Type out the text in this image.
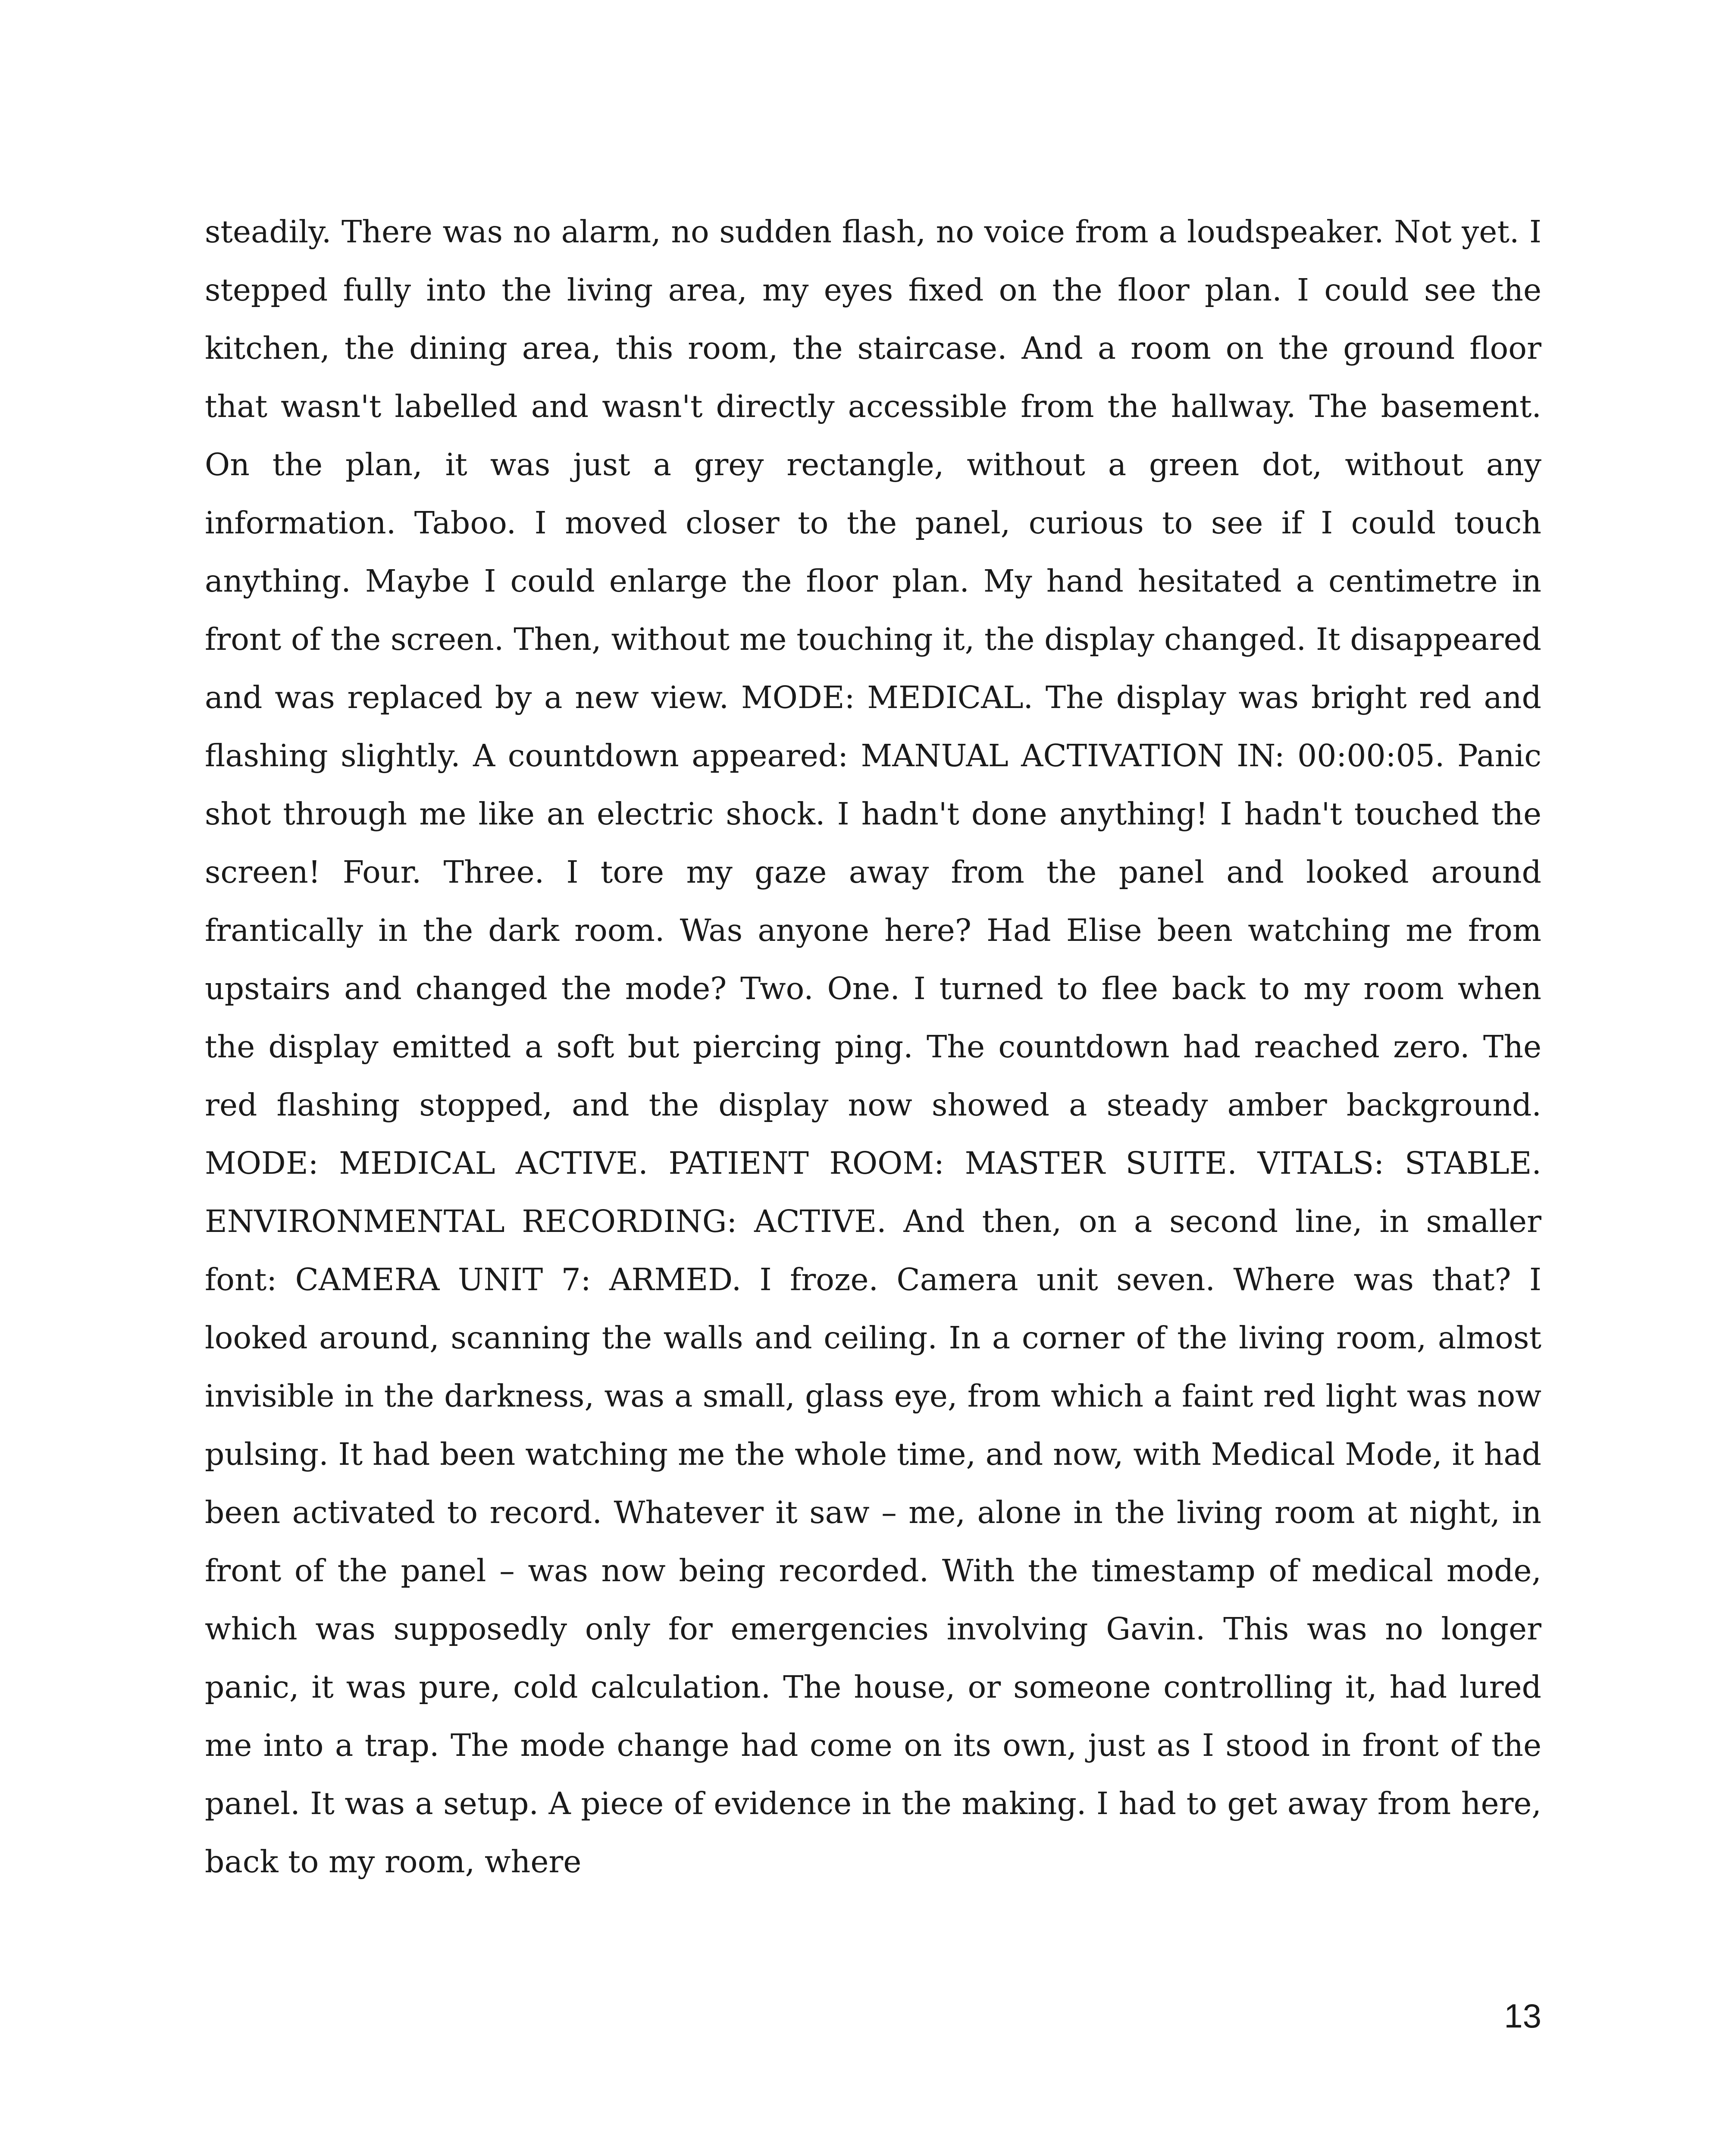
steadily. There was no alarm, no sudden flash, no voice from a loudspeaker. Not yet. I stepped fully into the living area, my eyes fixed on the floor plan. I could see the kitchen, the dining area, this room, the staircase. And a room on the ground floor that wasn't labelled and wasn't directly accessible from the hallway. The basement. On the plan, it was just a grey rectangle, without a green dot, without any information. Taboo. I moved closer to the panel, curious to see if I could touch anything. Maybe I could enlarge the floor plan. My hand hesitated a centimetre in front of the screen. Then, without me touching it, the display changed. It disappeared and was replaced by a new view. MODE: MEDICAL. The display was bright red and flashing slightly. A countdown appeared: MANUAL ACTIVATION IN: 00:00:05. Panic shot through me like an electric shock. I hadn't done anything! I hadn't touched the screen! Four. Three. I tore my gaze away from the panel and looked around frantically in the dark room. Was anyone here? Had Elise been watching me from upstairs and changed the mode? Two. One. I turned to flee back to my room when the display emitted a soft but piercing ping. The countdown had reached zero. The red flashing stopped, and the display now showed a steady amber background. MODE: MEDICAL ACTIVE. PATIENT ROOM: MASTER SUITE. VITALS: STABLE. ENVIRONMENTAL RECORDING: ACTIVE. And then, on a second line, in smaller font: CAMERA UNIT 7: ARMED. I froze. Camera unit seven. Where was that? I looked around, scanning the walls and ceiling. In a corner of the living room, almost invisible in the darkness, was a small, glass eye, from which a faint red light was now pulsing. It had been watching me the whole time, and now, with Medical Mode, it had been activated to record. Whatever it saw – me, alone in the living room at night, in front of the panel – was now being recorded. With the timestamp of medical mode, which was supposedly only for emergencies involving Gavin. This was no longer panic, it was pure, cold calculation. The house, or someone controlling it, had lured me into a trap. The mode change had come on its own, just as I stood in front of the panel. It was a setup. A piece of evidence in the making. I had to get away from here, back to my room, where

13
